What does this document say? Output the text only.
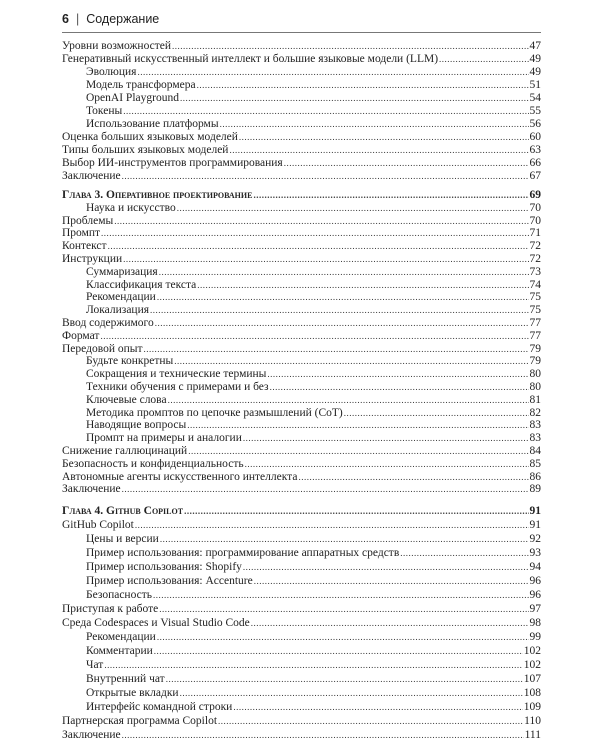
6 | Содержание
Уровни возможностей .....	47
Генеративный искусственный интеллект и большие языковые модели (LLM) .....	49
Эволюция .....	49
Модель трансформера .....	51
OpenAI Playground .....	54
Токены .....	55
Использование платформы .....	56
Оценка больших языковых моделей .....	60
Типы больших языковых моделей .....	63
Выбор ИИ-инструментов программирования .....	66
Заключение .....	67
Глава 3. Оперативное проектирование .....	69
Наука и искусство .....	70
Проблемы .....	70
Промпт .....	71
Контекст .....	72
Инструкции .....	72
Суммаризация .....	73
Классификация текста .....	74
Рекомендации .....	75
Локализация .....	75
Ввод содержимого .....	77
Формат .....	77
Передовой опыт .....	79
Будьте конкретны .....	79
Сокращения и технические термины .....	80
Техники обучения с примерами и без .....	80
Ключевые слова .....	81
Методика промптов по цепочке размышлений (CoT) .....	82
Наводящие вопросы .....	83
Промпт на примеры и аналогии .....	83
Снижение галлюцинаций .....	84
Безопасность и конфиденциальность .....	85
Автономные агенты искусственного интеллекта .....	86
Заключение .....	89
Глава 4. Github Copilot .....	91
GitHub Copilot .....	91
Цены и версии .....	92
Пример использования: программирование аппаратных средств .....	93
Пример использования: Shopify .....	94
Пример использования: Accenture .....	96
Безопасность .....	96
Приступая к работе .....	97
Среда Codespaces и Visual Studio Code .....	98
Рекомендации .....	99
Комментарии .....	102
Чат .....	102
Внутренний чат .....	107
Открытые вкладки .....	108
Интерфейс командной строки .....	109
Партнерская программа Copilot .....	110
Заключение .....	111
